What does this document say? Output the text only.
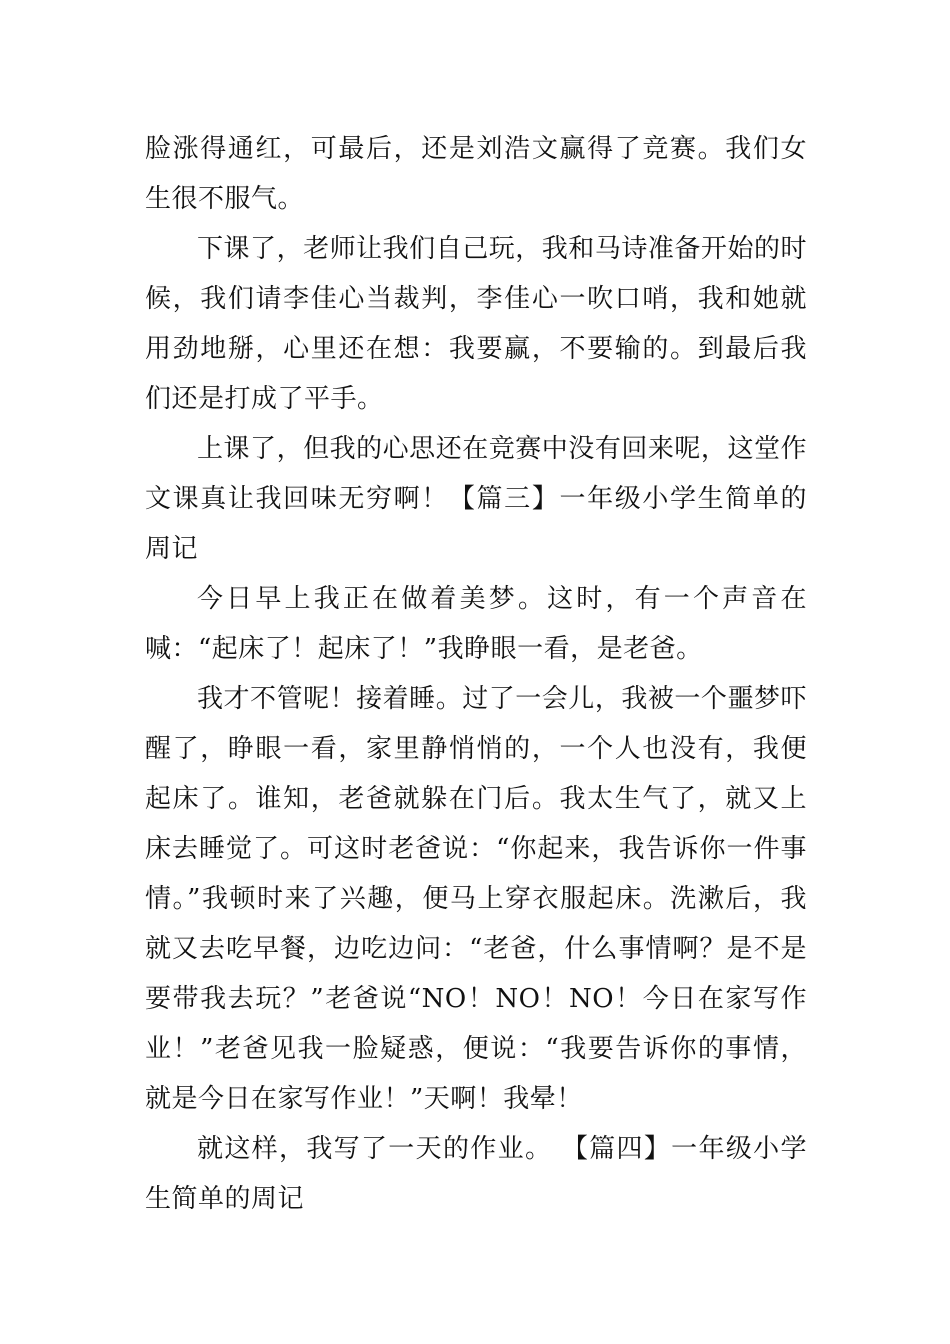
脸涨得通红，可最后，还是刘浩文赢得了竞赛。我们女生很不服气。

下课了，老师让我们自己玩，我和马诗准备开始的时候，我们请李佳心当裁判，李佳心一吹口哨，我和她就用劲地掰，心里还在想：我要赢，不要输的。到最后我们还是打成了平手。

上课了，但我的心思还在竞赛中没有回来呢，这堂作文课真让我回味无穷啊！【篇三】一年级小学生简单的周记

今日早上我正在做着美梦。这时，有一个声音在喊：“起床了！起床了！”我睁眼一看，是老爸。

我才不管呢！接着睡。过了一会儿，我被一个噩梦吓醒了，睁眼一看，家里静悄悄的，一个人也没有，我便起床了。谁知，老爸就躲在门后。我太生气了，就又上床去睡觉了。可这时老爸说：“你起来，我告诉你一件事情。”我顿时来了兴趣，便马上穿衣服起床。洗漱后，我就又去吃早餐，边吃边问：“老爸，什么事情啊？是不是要带我去玩？”老爸说“NO！NO！NO！今日在家写作业！”老爸见我一脸疑惑，便说：“我要告诉你的事情，就是今日在家写作业！”天啊！我晕！

就这样，我写了一天的作业。 【篇四】一年级小学生简单的周记
